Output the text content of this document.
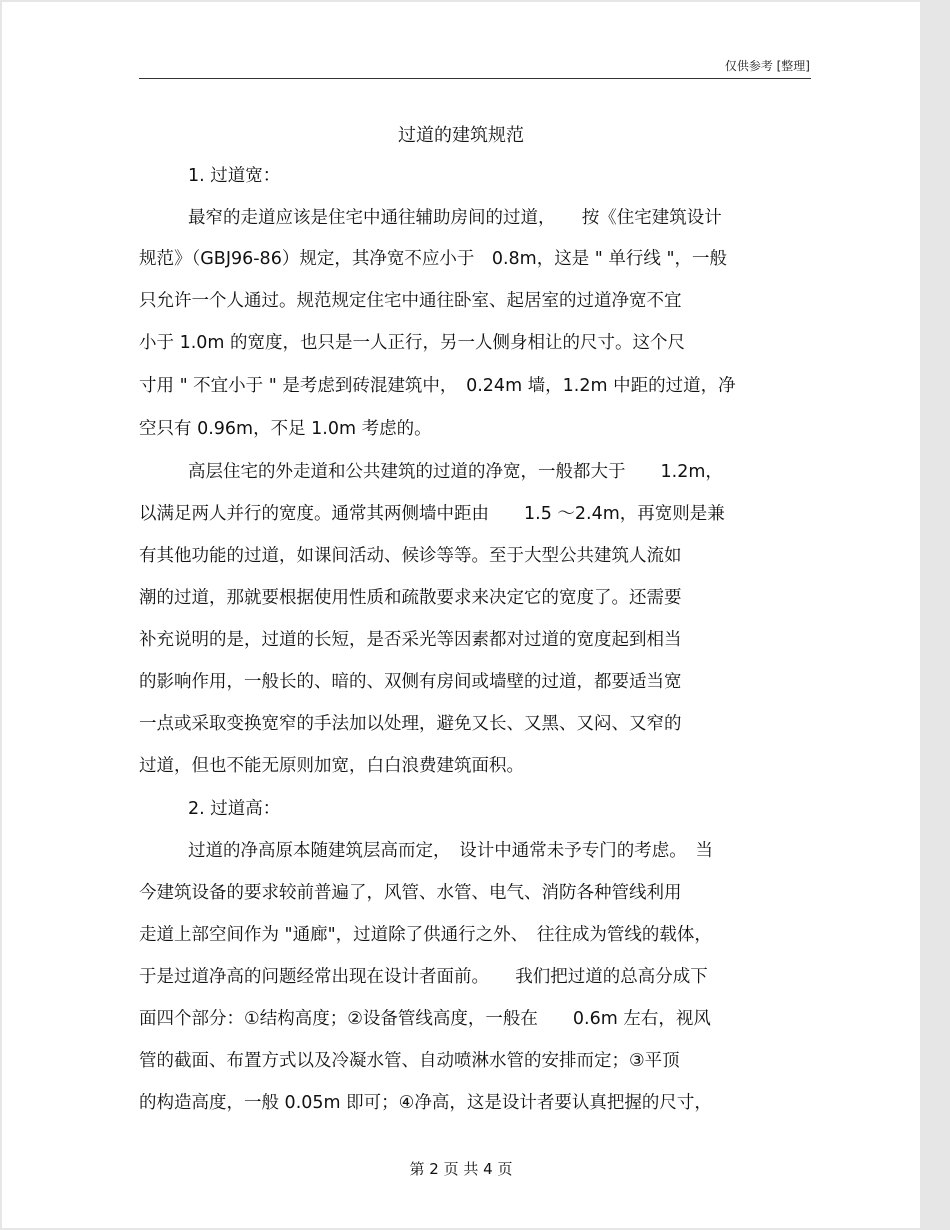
仅供参考 [整理]
过道的建筑规范
1. 过道宽：
最窄的走道应该是住宅中通往辅助房间的过道，　　按《住宅建筑设计
规范》（GBJ96-86）规定，其净宽不应小于　0.8m，这是 " 单行线 "，一般
只允许一个人通过。规范规定住宅中通往卧室、起居室的过道净宽不宜
小于 1.0m 的宽度，也只是一人正行，另一人侧身相让的尺寸。这个尺
寸用 " 不宜小于 " 是考虑到砖混建筑中，　0.24m 墙，1.2m 中距的过道，净
空只有 0.96m，不足 1.0m 考虑的。
高层住宅的外走道和公共建筑的过道的净宽，一般都大于　　1.2m，
以满足两人并行的宽度。通常其两侧墙中距由　　1.5 ～2.4m，再宽则是兼
有其他功能的过道，如课间活动、候诊等等。至于大型公共建筑人流如
潮的过道，那就要根据使用性质和疏散要求来决定它的宽度了。还需要
补充说明的是，过道的长短，是否采光等因素都对过道的宽度起到相当
的影响作用，一般长的、暗的、双侧有房间或墙壁的过道，都要适当宽
一点或采取变换宽窄的手法加以处理，避免又长、又黑、又闷、又窄的
过道，但也不能无原则加宽，白白浪费建筑面积。
2. 过道高：
过道的净高原本随建筑层高而定，　设计中通常未予专门的考虑。　当
今建筑设备的要求较前普遍了，风管、水管、电气、消防各种管线利用
走道上部空间作为 "通廊"，过道除了供通行之外、　往往成为管线的载体，
于是过道净高的问题经常出现在设计者面前。　　我们把过道的总高分成下
面四个部分：①结构高度；②设备管线高度，一般在　　0.6m 左右，视风
管的截面、布置方式以及冷凝水管、自动喷淋水管的安排而定；③平顶
的构造高度，一般 0.05m 即可；④净高，这是设计者要认真把握的尺寸，
第 2 页 共 4 页
